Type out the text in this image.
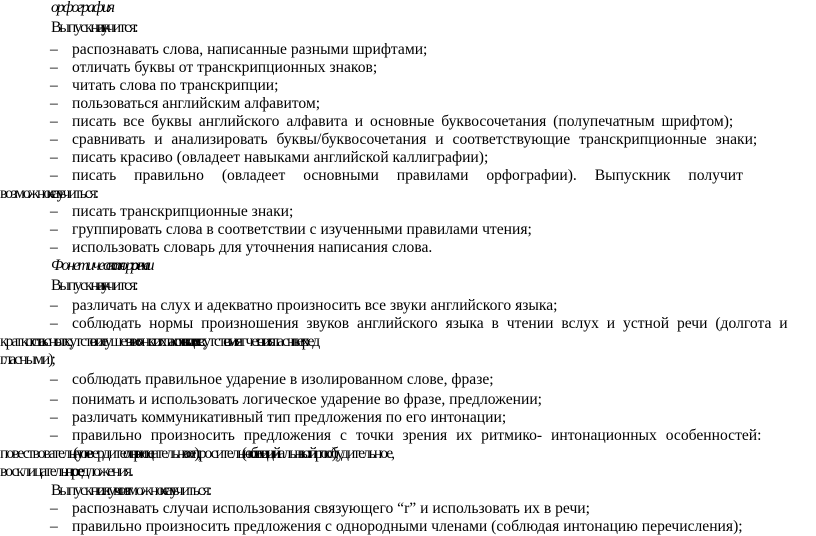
орфография
Выпускник научится:
– распознавать слова, написанные разными шрифтами;
– отличать буквы от транскрипционных знаков;
– читать слова по транскрипции;
– пользоваться английским алфавитом;
– писать все буквы английского алфавита и основные буквосочетания (полупечатным шрифтом);
– сравнивать и анализировать буквы/буквосочетания и соответствующие транскрипционные знаки;
– писать красиво (овладеет навыками английской каллиграфии);
– писать правильно (овладеет основными правилами орфографии). Выпускник получит
возможность научиться:
– писать транскрипционные знаки;
– группировать слова в соответствии с изученными правилами чтения;
– использовать словарь для уточнения написания слова.
Фонетическая сторона речи
Выпускник научится:
– различать на слух и адекватно произносить все звуки английского языка;
– соблюдать нормы произношения звуков английского языка в чтении вслух и устной речи (долгота и
краткость гласных, отсутствие оглушения звонких согласных в конце слов, отсутствие смягчения согласных перед
гласными);
– соблюдать правильное ударение в изолированном слове, фразе;
– понимать и использовать логическое ударение во фразе, предложении;
– различать коммуникативный тип предложения по его интонации;
– правильно произносить предложения с точки зрения их ритмико- интонационных особенностей:
повествовательное (утвердительное и отрицательное), вопросительное (общий и специальный вопрос), побудительное,
восклицательное предложения.
Выпускник получит возможность научиться:
– распознавать случаи использования связующего “r” и использовать их в речи;
– правильно произносить предложения с однородными членами (соблюдая интонацию перечисления);
